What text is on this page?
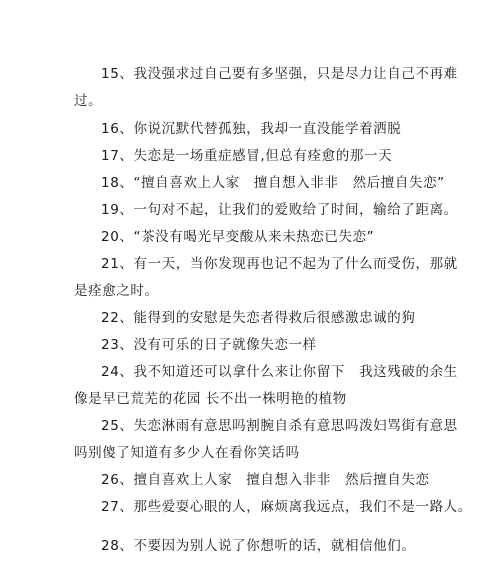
15、我没强求过自己要有多坚强，只是尽力让自己不再难
过。
16、你说沉默代替孤独，我却一直没能学着洒脱
17、失恋是一场重症感冒,但总有痊愈的那一天
18、“擅自喜欢上人家　擅自想入非非　然后擅自失恋”
19、一句对不起，让我们的爱败给了时间，输给了距离。
20、“茶没有喝光早变酸从来未热恋已失恋”
21、有一天，当你发现再也记不起为了什么而受伤，那就
是痊愈之时。
22、能得到的安慰是失恋者得救后很感激忠诚的狗
23、没有可乐的日子就像失恋一样
24、我不知道还可以拿什么来让你留下　我这残破的余生
像是早已荒芜的花园 长不出一株明艳的植物
25、失恋淋雨有意思吗割腕自杀有意思吗泼妇骂街有意思
吗别傻了知道有多少人在看你笑话吗
26、擅自喜欢上人家　擅自想入非非　然后擅自失恋
27、那些爱耍心眼的人，麻烦离我远点，我们不是一路人。
28、不要因为别人说了你想听的话，就相信他们。
